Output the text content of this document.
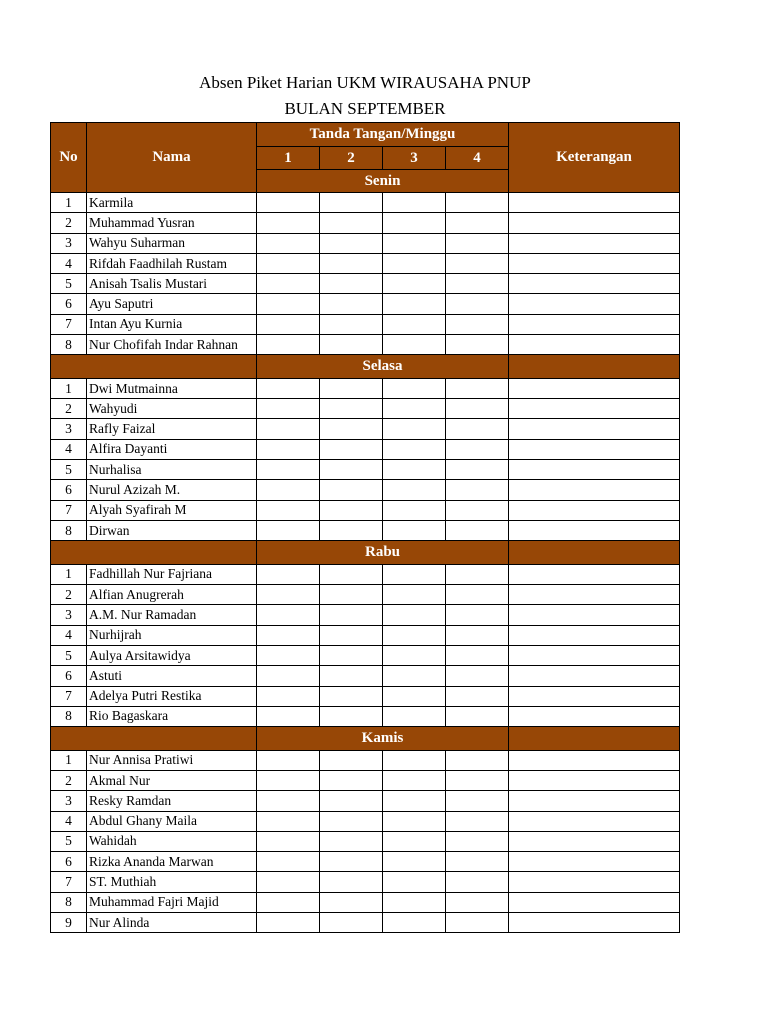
Absen Piket Harian UKM WIRAUSAHA PNUP
BULAN SEPTEMBER
No	Nama	Tanda Tangan/Minggu				Keterangan
		1	2	3	4	
		Senin				
1	Karmila					
2	Muhammad Yusran					
3	Wahyu Suharman					
4	Rifdah Faadhilah Rustam					
5	Anisah Tsalis Mustari					
6	Ayu Saputri					
7	Intan Ayu Kurnia					
8	Nur Chofifah Indar Rahnan					
		Selasa				
1	Dwi Mutmainna					
2	Wahyudi					
3	Rafly Faizal					
4	Alfira Dayanti					
5	Nurhalisa					
6	Nurul Azizah M.					
7	Alyah Syafirah M					
8	Dirwan					
		Rabu				
1	Fadhillah Nur Fajriana					
2	Alfian Anugrerah					
3	A.M. Nur Ramadan					
4	Nurhijrah					
5	Aulya Arsitawidya					
6	Astuti					
7	Adelya Putri Restika					
8	Rio Bagaskara					
		Kamis				
1	Nur Annisa Pratiwi					
2	Akmal Nur					
3	Resky Ramdan					
4	Abdul Ghany Maila					
5	Wahidah					
6	Rizka Ananda Marwan					
7	ST. Muthiah					
8	Muhammad Fajri Majid					
9	Nur Alinda					
